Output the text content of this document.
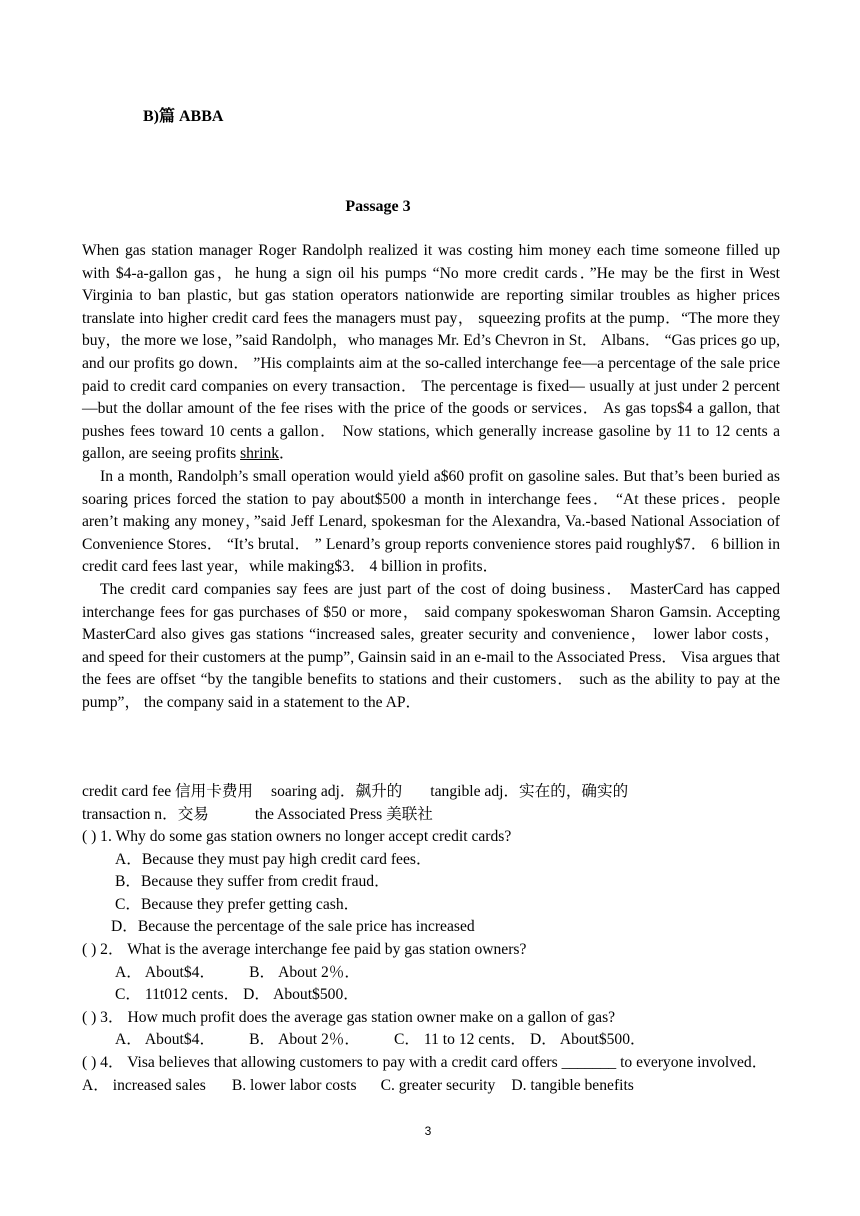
B)篇 ABBA
Passage 3

When gas station manager Roger Randolph realized it was costing him money each time someone filled up with $4-a-gallon gas，he hung a sign oil his pumps “No more credit cards．”He may be the first in West Virginia to ban plastic, but gas station operators nationwide are reporting similar troubles as higher prices translate into higher credit card fees the managers must pay， squeezing profits at the pump．“The more they buy，the more we lose，”said Randolph，who manages Mr. Ed’s Chevron in St． Albans． “Gas prices go up, and our profits go down． ”His complaints aim at the so-called interchange fee—a percentage of the sale price paid to credit card companies on every transaction． The percentage is fixed— usually at just under 2 percent—but the dollar amount of the fee rises with the price of the goods or services． As gas tops$4 a gallon, that pushes fees toward 10 cents a gallon． Now stations, which generally increase gasoline by 11 to 12 cents a gallon, are seeing profits shrink．

In a month, Randolph’s small operation would yield a$60 profit on gasoline sales. But that’s been buried as soaring prices forced the station to pay about$500 a month in interchange fees． “At these prices．people aren’t making any money，”said Jeff Lenard, spokesman for the Alexandra, Va.-based National Association of Convenience Stores． “It’s brutal． ” Lenard’s group reports convenience stores paid roughly$7． 6 billion in credit card fees last year，while making$3． 4 billion in profits．

The credit card companies say fees are just part of the cost of doing business． MasterCard has capped interchange fees for gas purchases of $50 or more， said company spokeswoman Sharon Gamsin. Accepting MasterCard also gives gas stations “increased sales, greater security and convenience， lower labor costs， and speed for their customers at the pump”, Gainsin said in an e-mail to the Associated Press． Visa argues that the fees are offset “by the tangible benefits to stations and their customers． such as the ability to pay at the pump”， the company said in a statement to the AP．

credit card fee 信用卡费用 soaring adj．飙升的 tangible adj．实在的，确实的
transaction n．交易	the Associated Press 美联社
( ) 1. Why do some gas station owners no longer accept credit cards?
A．Because they must pay high credit card fees．
B．Because they suffer from credit fraud．
C．Because they prefer getting cash．
D．Because the percentage of the sale price has increased
( ) 2． What is the average interchange fee paid by gas station owners?
A． About$4． B． About 2％．
C． 11t012 cents． D． About$500．
( ) 3． How much profit does the average gas station owner make on a gallon of gas?
A． About$4． B． About 2％． C． 11 to 12 cents． D． About$500．
( ) 4． Visa believes that allowing customers to pay with a credit card offers _______ to everyone involved．
A． increased sales B. lower labor costs C. greater security D. tangible benefits
3
